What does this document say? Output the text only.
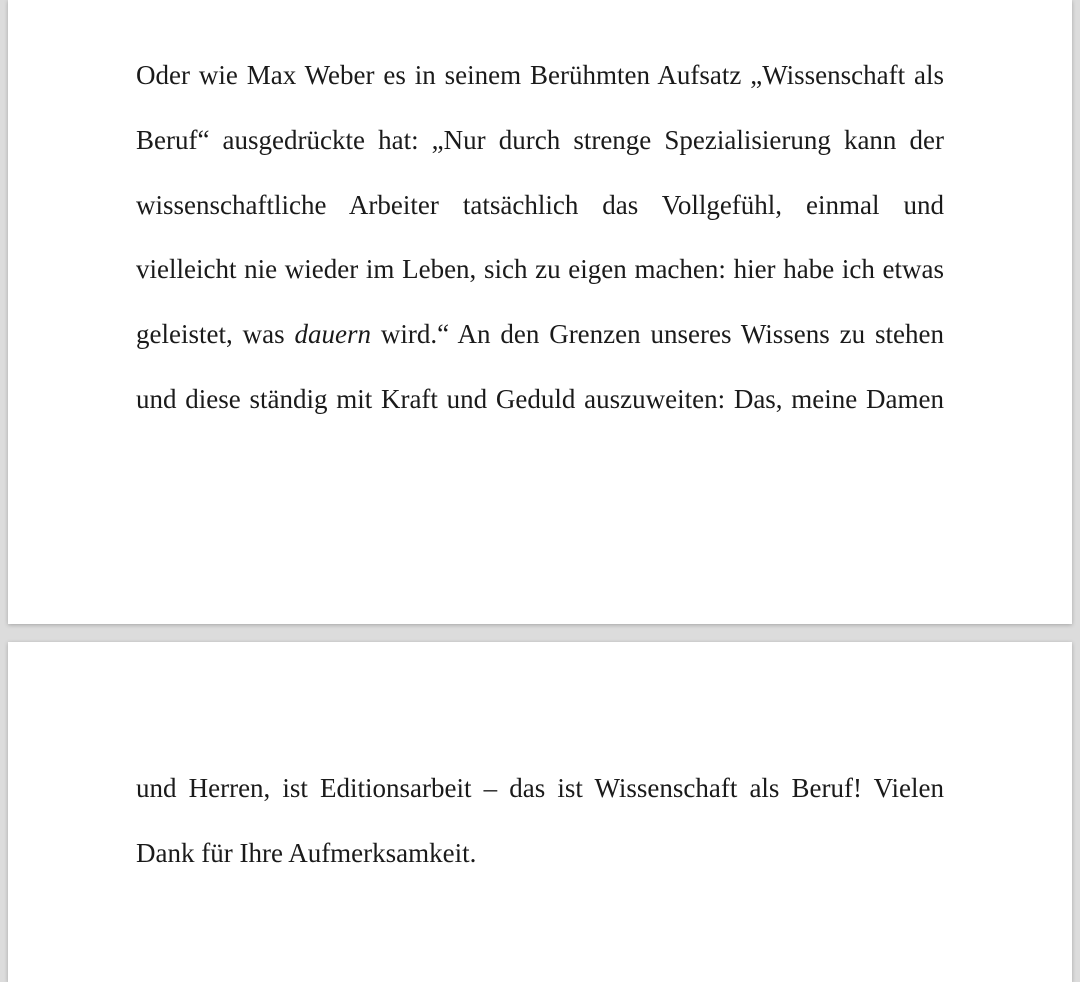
Oder wie Max Weber es in seinem Berühmten Aufsatz „Wissenschaft als
Beruf“ ausgedrückte hat: „Nur durch strenge Spezialisierung kann der
wissenschaftliche Arbeiter tatsächlich das Vollgefühl, einmal und
vielleicht nie wieder im Leben, sich zu eigen machen: hier habe ich etwas
geleistet, was dauern wird.“ An den Grenzen unseres Wissens zu stehen
und diese ständig mit Kraft und Geduld auszuweiten: Das, meine Damen
und Herren, ist Editionsarbeit – das ist Wissenschaft als Beruf! Vielen
Dank für Ihre Aufmerksamkeit.
